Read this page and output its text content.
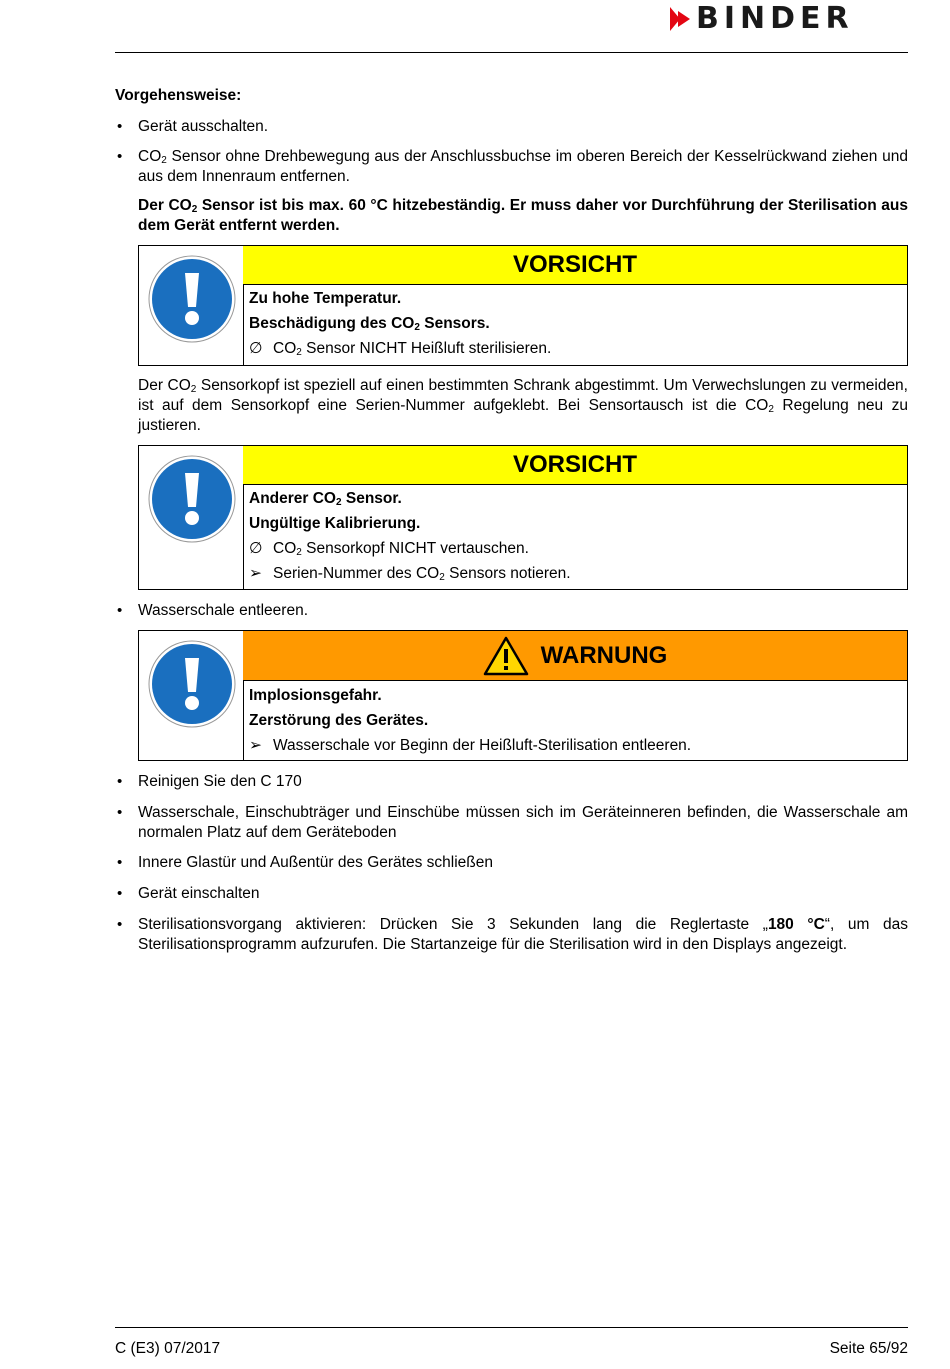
BINDER
Vorgehensweise:
• Gerät ausschalten.
• $CO_2$ Sensor ohne Drehbewegung aus der Anschlussbuchse im oberen Bereich der Kesselrückwand ziehen und aus dem Innenraum entfernen.
Der $CO_2$ Sensor ist bis max. 60 °C hitzebeständig. Er muss daher vor Durchführung der Sterilisation aus dem Gerät entfernt werden.
VORSICHT
Zu hohe Temperatur.
Beschädigung des $CO_2$ Sensors.
∅ $CO_2$ Sensor NICHT Heißluft sterilisieren.
Der $CO_2$ Sensorkopf ist speziell auf einen bestimmten Schrank abgestimmt. Um Verwechslungen zu vermeiden, ist auf dem Sensorkopf eine Serien-Nummer aufgeklebt. Bei Sensortausch ist die $CO_2$ Regelung neu zu justieren.
VORSICHT
Anderer $CO_2$ Sensor.
Ungültige Kalibrierung.
∅ $CO_2$ Sensorkopf NICHT vertauschen.
➢ Serien-Nummer des $CO_2$ Sensors notieren.
• Wasserschale entleeren.
WARNUNG
Implosionsgefahr.
Zerstörung des Gerätes.
➢ Wasserschale vor Beginn der Heißluft-Sterilisation entleeren.
• Reinigen Sie den C 170
• Wasserschale, Einschubträger und Einschübe müssen sich im Geräteinneren befinden, die Wasserschale am normalen Platz auf dem Geräteboden
• Innere Glastür und Außentür des Gerätes schließen
• Gerät einschalten
• Sterilisationsvorgang aktivieren: Drücken Sie 3 Sekunden lang die Reglertaste „180 °C“, um das Sterilisationsprogramm aufzurufen. Die Startanzeige für die Sterilisation wird in den Displays angezeigt.
C (E3) 07/2017	Seite 65/92
